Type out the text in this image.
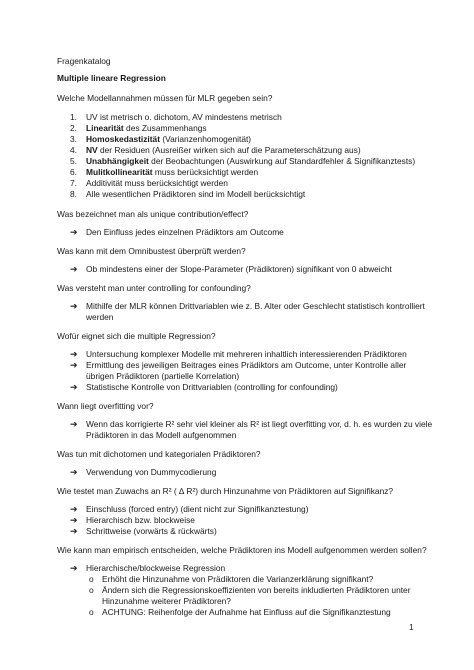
Fragenkatalog
Multiple lineare Regression
Welche Modellannahmen müssen für MLR gegeben sein?
1. UV ist metrisch o. dichotom, AV mindestens metrisch
2. Linearität des Zusammenhangs
3. Homoskedastizität (Varianzenhomogenität)
4. NV der Residuen (Ausreißer wirken sich auf die Parameterschätzung aus)
5. Unabhängigkeit der Beobachtungen (Auswirkung auf Standardfehler & Signifikanztests)
6. Mulitkollinearität muss berücksichtigt werden
7. Additivität muss berücksichtigt werden
8. Alle wesentlichen Prädiktoren sind im Modell berücksichtigt
Was bezeichnet man als unique contribution/effect?
➔ Den Einfluss jedes einzelnen Prädiktors am Outcome
Was kann mit dem Omnibustest überprüft werden?
➔ Ob mindestens einer der Slope-Parameter (Prädiktoren) signifikant von 0 abweicht
Was versteht man unter controlling for confounding?
➔ Mithilfe der MLR können Drittvariablen wie z. B. Alter oder Geschlecht statistisch kontrolliert
werden
Wofür eignet sich die multiple Regression?
➔ Untersuchung komplexer Modelle mit mehreren inhaltlich interessierenden Prädiktoren
➔ Ermittlung des jeweiligen Beitrages eines Prädiktors am Outcome, unter Kontrolle aller
übrigen Prädiktoren (partielle Korrelation)
➔ Statistische Kontrolle von Drittvariablen (controlling for confounding)
Wann liegt overfitting vor?
➔ Wenn das korrigierte R² sehr viel kleiner als R² ist liegt overfitting vor, d. h. es wurden zu viele
Prädiktoren in das Modell aufgenommen
Was tun mit dichotomen und kategorialen Prädiktoren?
➔ Verwendung von Dummycodierung
Wie testet man Zuwachs an R² ( ∆ R²) durch Hinzunahme von Prädiktoren auf Signifikanz?
➔ Einschluss (forced entry) (dient nicht zur Signifikanztestung)
➔ Hierarchisch bzw. blockweise
➔ Schrittweise (vorwärts & rückwärts)
Wie kann man empirisch entscheiden, welche Prädiktoren ins Modell aufgenommen werden sollen?
➔ Hierarchische/blockweise Regression
o Erhöht die Hinzunahme von Prädiktoren die Varianzerklärung signifikant?
o Ändern sich die Regressionskoeffizienten von bereits inkludierten Prädiktoren unter
Hinzunahme weiterer Prädiktoren?
o ACHTUNG: Reihenfolge der Aufnahme hat Einfluss auf die Signifikanztestung
1
